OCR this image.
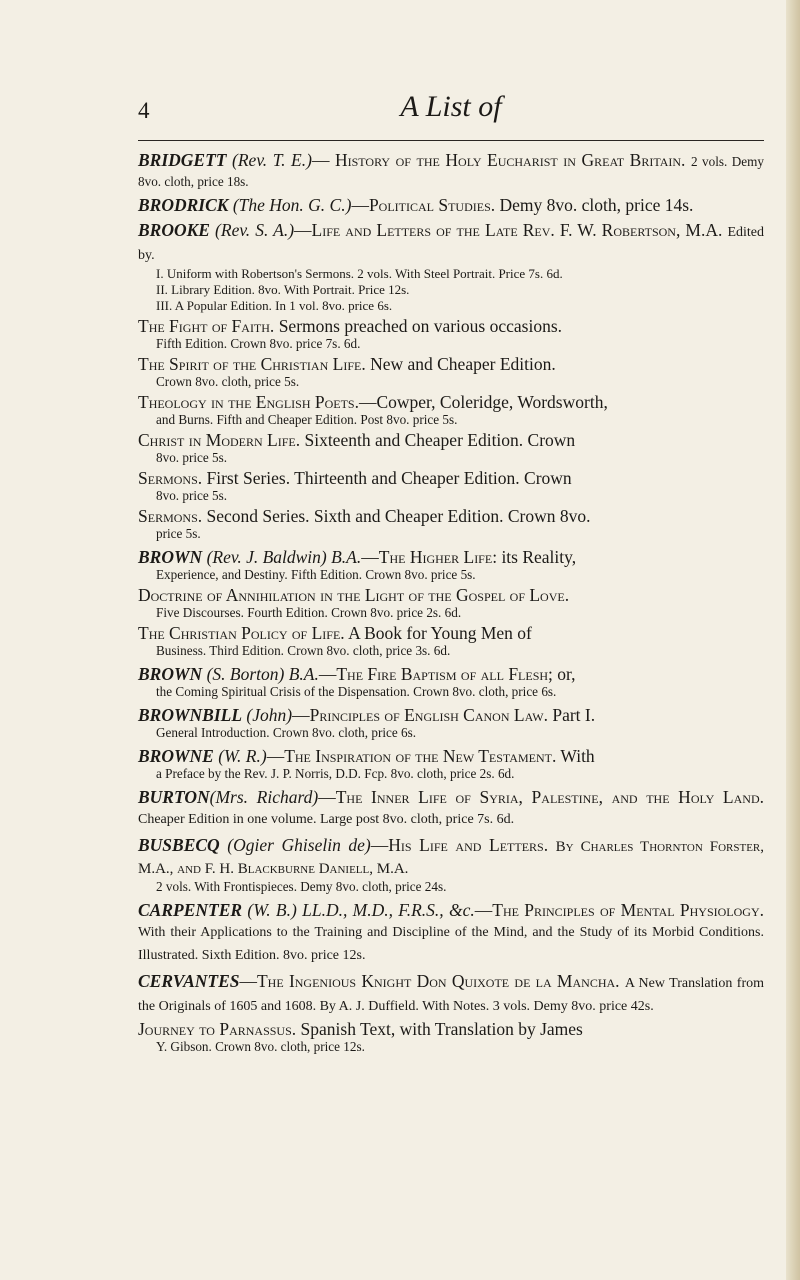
4	A List of
BRIDGETT (Rev. T. E.)— History of the Holy Eucharist in Great Britain. 2 vols. Demy 8vo. cloth, price 18s.
BRODRICK (The Hon. G. C.)—Political Studies. Demy 8vo. cloth, price 14s.
BROOKE (Rev. S. A.)—Life and Letters of the Late Rev. F. W. Robertson, M.A. Edited by.
I. Uniform with Robertson's Sermons. 2 vols. With Steel Portrait. Price 7s. 6d.
II. Library Edition. 8vo. With Portrait. Price 12s.
III. A Popular Edition. In 1 vol. 8vo. price 6s.
The Fight of Faith. Sermons preached on various occasions.
Fifth Edition. Crown 8vo. price 7s. 6d.
The Spirit of the Christian Life. New and Cheaper Edition.
Crown 8vo. cloth, price 5s.
Theology in the English Poets.—Cowper, Coleridge, Wordsworth,
and Burns. Fifth and Cheaper Edition. Post 8vo. price 5s.
Christ in Modern Life. Sixteenth and Cheaper Edition. Crown
8vo. price 5s.
Sermons. First Series. Thirteenth and Cheaper Edition. Crown
8vo. price 5s.
Sermons. Second Series. Sixth and Cheaper Edition. Crown 8vo.
price 5s.
BROWN (Rev. J. Baldwin) B.A.—The Higher Life: its Reality,
Experience, and Destiny. Fifth Edition. Crown 8vo. price 5s.
Doctrine of Annihilation in the Light of the Gospel of Love.
Five Discourses. Fourth Edition. Crown 8vo. price 2s. 6d.
The Christian Policy of Life. A Book for Young Men of
Business. Third Edition. Crown 8vo. cloth, price 3s. 6d.
BROWN (S. Borton) B.A.—The Fire Baptism of all Flesh; or,
the Coming Spiritual Crisis of the Dispensation. Crown 8vo. cloth, price 6s.
BROWNBILL (John)—Principles of English Canon Law. Part I.
General Introduction. Crown 8vo. cloth, price 6s.
BROWNE (W. R.)—The Inspiration of the New Testament. With
a Preface by the Rev. J. P. Norris, D.D. Fcp. 8vo. cloth, price 2s. 6d.
BURTON(Mrs. Richard)—The Inner Life of Syria, Palestine, and the Holy Land. Cheaper Edition in one volume. Large post 8vo. cloth, price 7s. 6d.
BUSBECQ (Ogier Ghiselin de)—His Life and Letters. By Charles Thornton Forster, M.A., and F. H. Blackburne Daniell, M.A.
2 vols. With Frontispieces. Demy 8vo. cloth, price 24s.
CARPENTER (W. B.) LL.D., M.D., F.R.S., &c.—The Principles of Mental Physiology. With their Applications to the Training and Discipline of the Mind, and the Study of its Morbid Conditions. Illustrated. Sixth Edition. 8vo. price 12s.
CERVANTES—The Ingenious Knight Don Quixote de la Mancha. A New Translation from the Originals of 1605 and 1608. By A. J. Duffield. With Notes. 3 vols. Demy 8vo. price 42s.
Journey to Parnassus. Spanish Text, with Translation by James
Y. Gibson. Crown 8vo. cloth, price 12s.
